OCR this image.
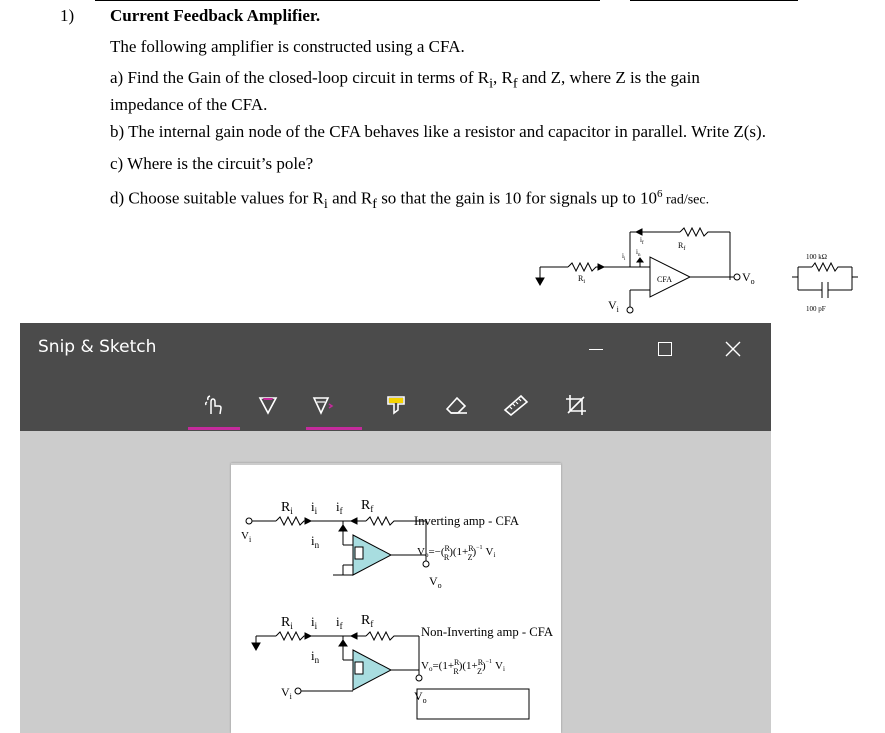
1) Current Feedback Amplifier.
The following amplifier is constructed using a CFA.
a) Find the Gain of the closed-loop circuit in terms of $R_i$, $R_f$ and Z, where Z is the gain
impedance of the CFA.
b) The internal gain node of the CFA behaves like a resistor and capacitor in parallel. Write Z(s).
c) Where is the circuit’s pole?
d) Choose suitable values for $R_i$ and $R_f$ so that the gain is 10 for signals up to $10^6$ rad/sec.
$R_f$
$i_f$
$i_i$
$i_n$
$R_i$	CFA	$V_o$
$V_i$
100 kΩ
100 pF
Snip & Sketch
$R_i$ $i_i$ $i_f$ $R_f$
$V_i$	$i_n$
$V_o$
Inverting amp - CFA
Vo=−($^R$ R)(1+$^R$ Z)$^{-1}$ Vi
$R_i$ $i_i$ $i_f$ $R_f$
$i_n$
$V_i$	$V_o$
Non-Inverting amp - CFA
Vo=(1+$^R$ R)(1+$^R$ Z)$^{-1}$ Vi
